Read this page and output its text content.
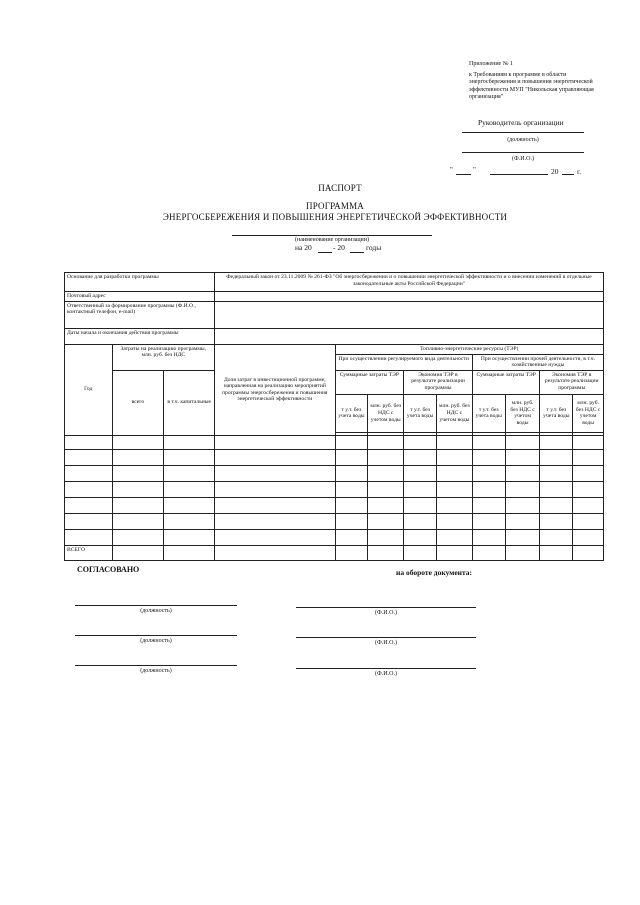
Приложение № 1
к Требованиям к программе в области
энергосбережения и повышения энергетической
эффективности МУП "Никольская управляющая
организация"
Руководитель организации
(должность)
(Ф.И.О.)
"	"	20 г.
ПАСПОРТ
ПРОГРАММА
ЭНЕРГОСБЕРЕЖЕНИЯ И ПОВЫШЕНИЯ ЭНЕРГЕТИЧЕСКОЙ ЭФФЕКТИВНОСТИ
(наименование организации)
на 20	- 20	годы
Основание для разработки программы			Федеральный закон от 23.11.2009 № 261-ФЗ "Об энергосбережении и о повышении энергетической эффективности и о внесении изменений в отдельные законодательные акты Российской Федерации"								
Почтовый адрес											
Ответственный за формирование программы (Ф.И.О., контактный телефон, e-mail)											
Даты начала и окончания действия программы											
Год	Затраты на реализацию программы, млн. руб. без НДС		Доля затрат в инвестиционной программе, направленная на реализацию мероприятий программы энергосбережения и повышения энергетической эффективности	Топливно-энергетические ресурсы (ТЭР)							
				При осуществлении регулируемого вида деятельности				При осуществлении прочей деятельности, в т.ч. хозяйственные нужды			
	всего	в т.ч. капитальные		Суммарные затраты ТЭР		Экономия ТЭР в результате реализации программы		Суммарные затраты ТЭР		Экономия ТЭР в результате реализации программы	
				т у.т. без учета воды	млн. руб. без НДС с учетом воды	т у.т. без учета воды	млн. руб. без НДС с учетом воды	т у.т. без учета воды	млн. руб. без НДС с учетом воды	т у.т. без учета воды	млн. руб. без НДС с учетом воды

ВСЕГО											
СОГЛАСОВАНО	на обороте документа:
(должность)	(Ф.И.О.)
(должность)	(Ф.И.О.)
(должность)	(Ф.И.О.)
